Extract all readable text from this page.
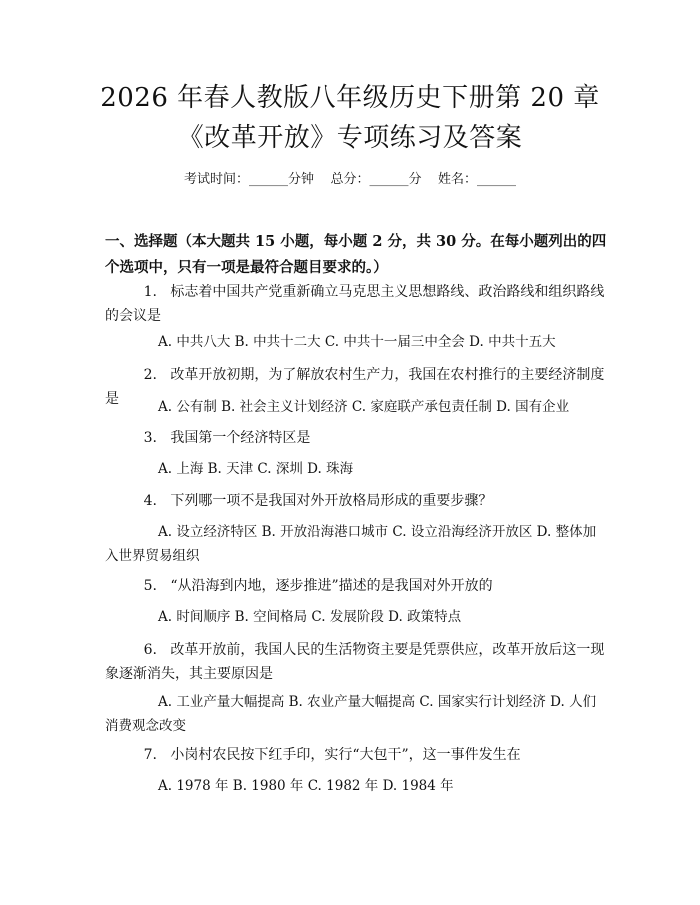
2026 年春人教版八年级历史下册第 20 章
《改革开放》专项练习及答案
考试时间：______分钟    总分：______分    姓名：______
一、选择题（本大题共 15 小题，每小题 2 分，共 30 分。在每小题列出的四个选项中，只有一项是最符合题目要求的。）
1. 标志着中国共产党重新确立马克思主义思想路线、政治路线和组织路线的会议是
A. 中共八大 B. 中共十二大 C. 中共十一届三中全会 D. 中共十五大
2. 改革开放初期，为了解放农村生产力，我国在农村推行的主要经济制度是	A. 公有制 B. 社会主义计划经济 C. 家庭联产承包责任制 D. 国有企业
3. 我国第一个经济特区是
A. 上海 B. 天津 C. 深圳 D. 珠海
4. 下列哪一项不是我国对外开放格局形成的重要步骤？
A. 设立经济特区 B. 开放沿海港口城市 C. 设立沿海经济开放区 D. 整体加入世界贸易组织
5. “从沿海到内地，逐步推进”描述的是我国对外开放的
A. 时间顺序 B. 空间格局 C. 发展阶段 D. 政策特点
6. 改革开放前，我国人民的生活物资主要是凭票供应，改革开放后这一现象逐渐消失，其主要原因是
A. 工业产量大幅提高 B. 农业产量大幅提高 C. 国家实行计划经济 D. 人们消费观念改变
7. 小岗村农民按下红手印，实行“大包干”，这一事件发生在
A. 1978 年 B. 1980 年 C. 1982 年 D. 1984 年
